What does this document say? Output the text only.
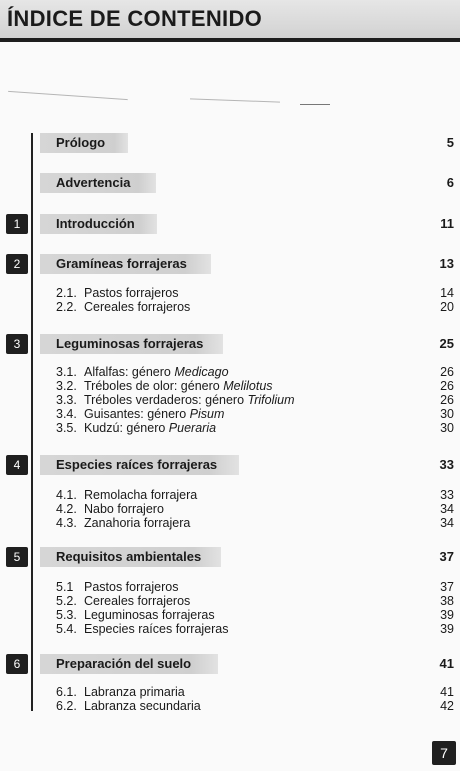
ÍNDICE DE CONTENIDO
Prólogo	5
Advertencia	6
1	Introducción	11
2	Gramíneas forrajeras	13
2.1. Pastos forrajeros	14
2.2. Cereales forrajeros	20
3	Leguminosas forrajeras	25
3.1. Alfalfas: género Medicago	26
3.2. Tréboles de olor: género Melilotus	26
3.3. Tréboles verdaderos: género Trifolium	26
3.4. Guisantes: género Pisum	30
3.5. Kudzú: género Pueraria	30
4	Especies raíces forrajeras	33
4.1. Remolacha forrajera	33
4.2. Nabo forrajero	34
4.3. Zanahoria forrajera	34
5	Requisitos ambientales	37
5.1 Pastos forrajeros	37
5.2. Cereales forrajeros	38
5.3. Leguminosas forrajeras	39
5.4. Especies raíces forrajeras	39
6	Preparación del suelo	41
6.1. Labranza primaria	41
6.2. Labranza secundaria	42
7
